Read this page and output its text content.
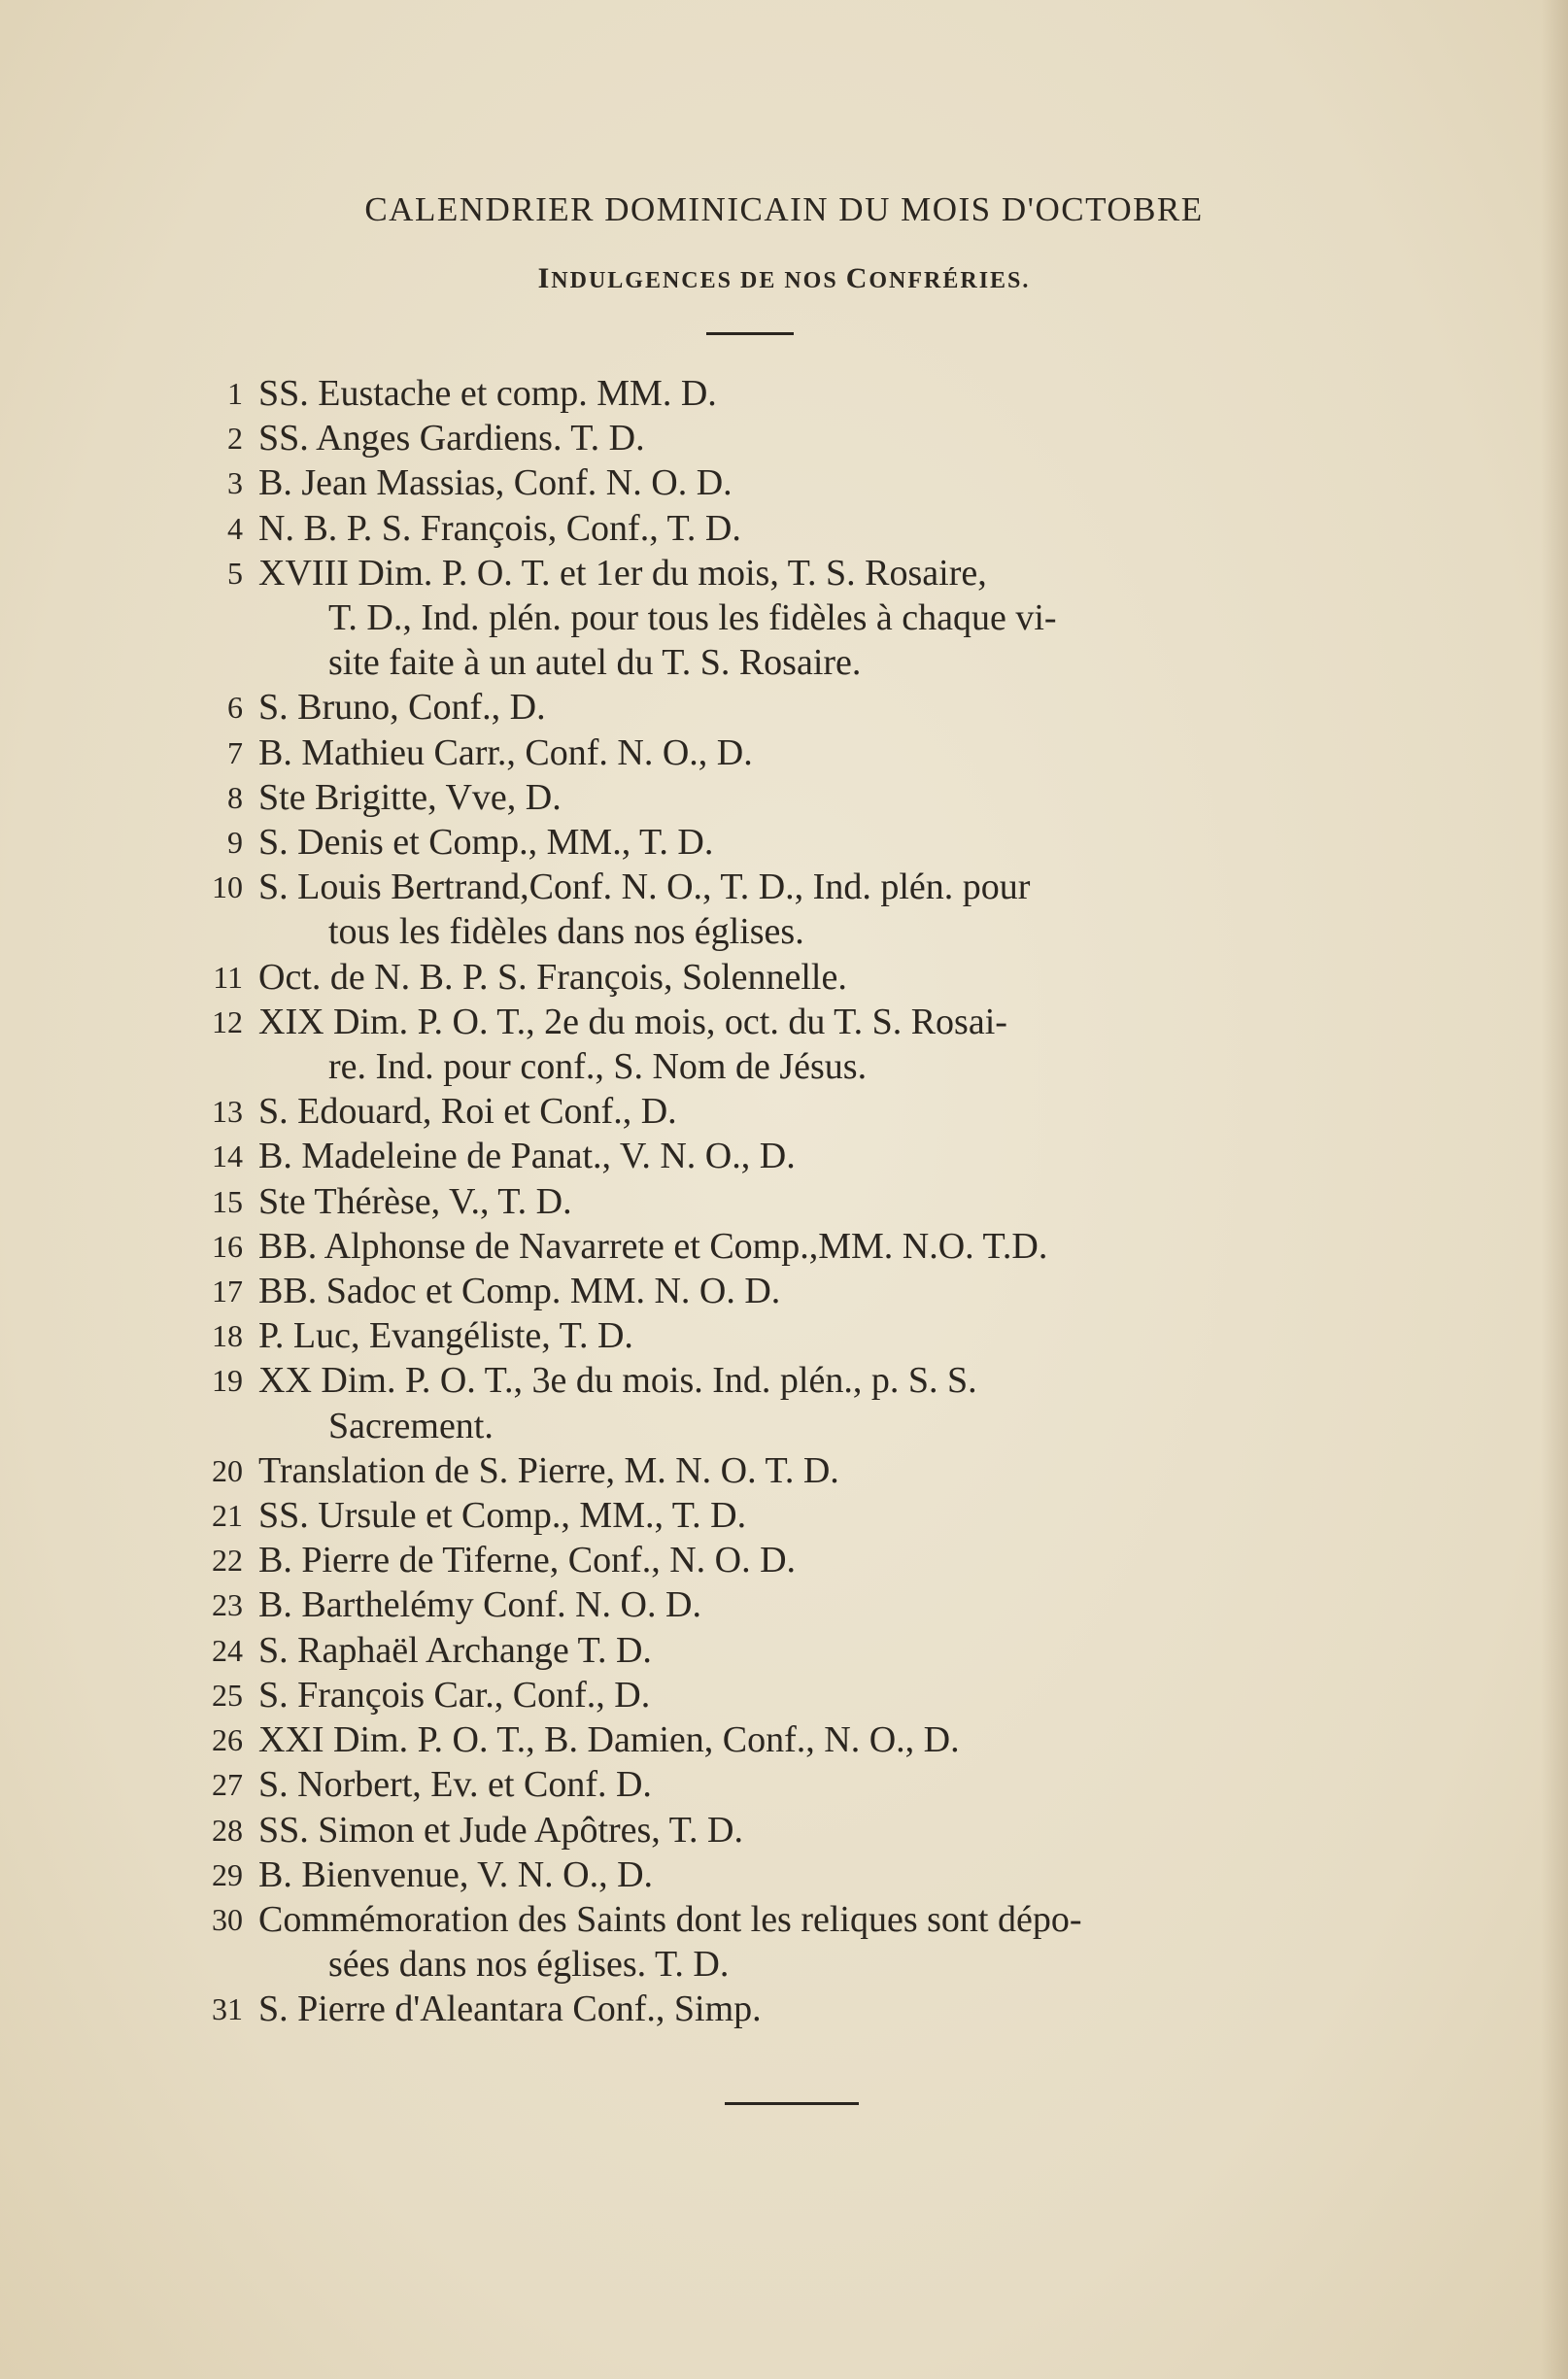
CALENDRIER DOMINICAIN DU MOIS D'OCTOBRE
INDULGENCES DE NOS CONFRÉRIES.
1 SS. Eustache et comp. MM. D.
2 SS. Anges Gardiens. T. D.
3 B. Jean Massias, Conf. N. O. D.
4 N. B. P. S. François, Conf., T. D.
5 XVIII Dim. P. O. T. et 1er du mois, T. S. Rosaire,
T. D., Ind. plén. pour tous les fidèles à chaque vi-
site faite à un autel du T. S. Rosaire.
6 S. Bruno, Conf., D.
7 B. Mathieu Carr., Conf. N. O., D.
8 Ste Brigitte, Vve, D.
9 S. Denis et Comp., MM., T. D.
10 S. Louis Bertrand,Conf. N. O., T. D., Ind. plén. pour
tous les fidèles dans nos églises.
11 Oct. de N. B. P. S. François, Solennelle.
12 XIX Dim. P. O. T., 2e du mois, oct. du T. S. Rosai-
re. Ind. pour conf., S. Nom de Jésus.
13 S. Edouard, Roi et Conf., D.
14 B. Madeleine de Panat., V. N. O., D.
15 Ste Thérèse, V., T. D.
16 BB. Alphonse de Navarrete et Comp.,MM. N.O. T.D.
17 BB. Sadoc et Comp. MM. N. O. D.
18 P. Luc, Evangéliste, T. D.
19 XX Dim. P. O. T., 3e du mois. Ind. plén., p. S. S.
Sacrement.
20 Translation de S. Pierre, M. N. O. T. D.
21 SS. Ursule et Comp., MM., T. D.
22 B. Pierre de Tiferne, Conf., N. O. D.
23 B. Barthelémy Conf. N. O. D.
24 S. Raphaël Archange T. D.
25 S. François Car., Conf., D.
26 XXI Dim. P. O. T., B. Damien, Conf., N. O., D.
27 S. Norbert, Ev. et Conf. D.
28 SS. Simon et Jude Apôtres, T. D.
29 B. Bienvenue, V. N. O., D.
30 Commémoration des Saints dont les reliques sont dépo-
sées dans nos églises. T. D.
31 S. Pierre d'Aleantara Conf., Simp.
